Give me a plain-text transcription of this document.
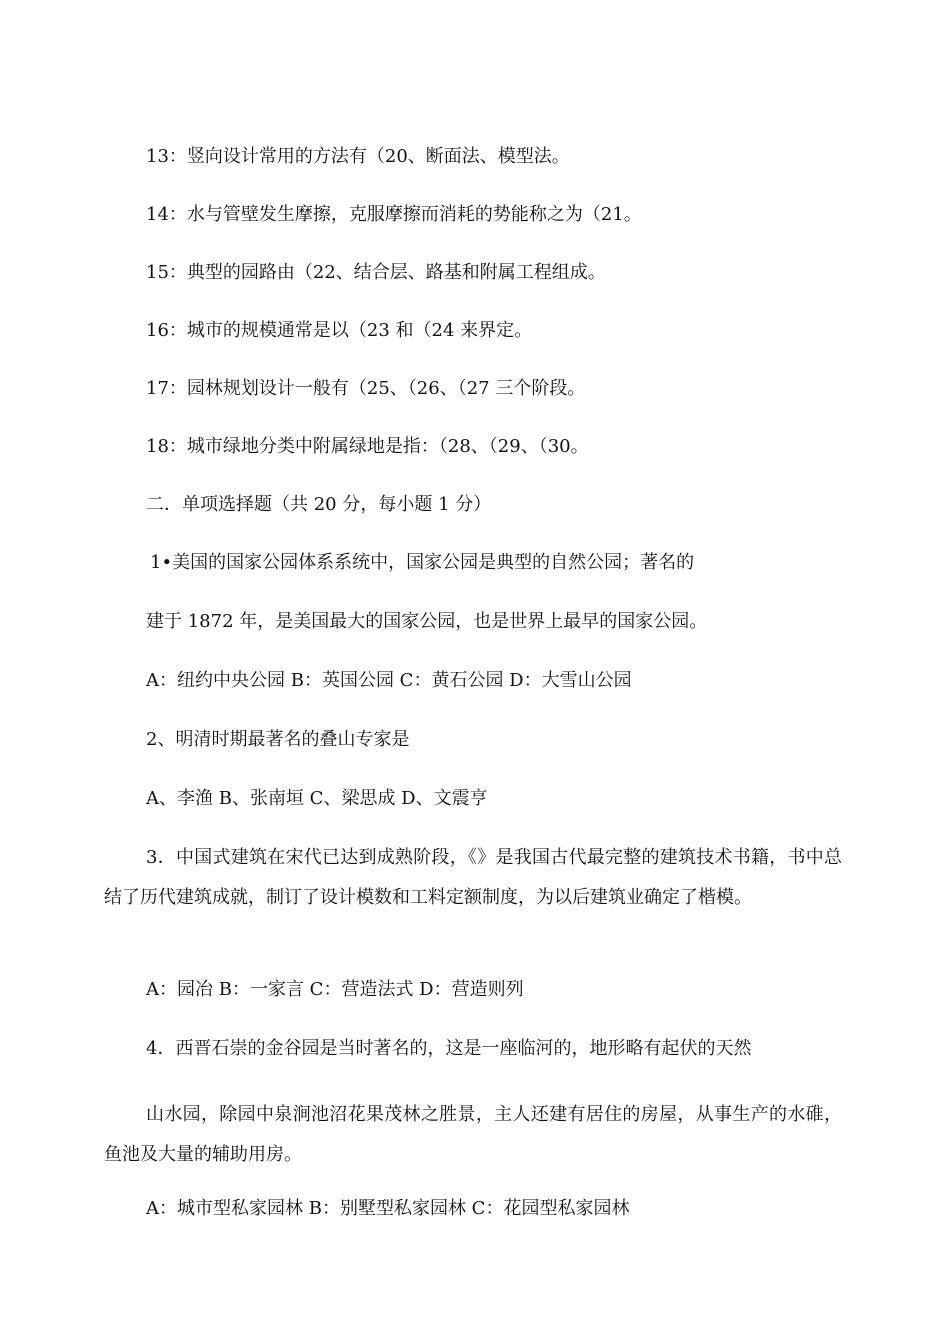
13：竖向设计常用的方法有（20、断面法、模型法。
14：水与管壁发生摩擦，克服摩擦而消耗的势能称之为（21。
15：典型的园路由（22、结合层、路基和附属工程组成。
16：城市的规模通常是以（23 和（24 来界定。
17：园林规划设计一般有（25、（26、（27 三个阶段。
18：城市绿地分类中附属绿地是指：（28、（29、（30。
二．单项选择题（共 20 分，每小题 1 分）
1•美国的国家公园体系系统中，国家公园是典型的自然公园；著名的
建于 1872 年，是美国最大的国家公园，也是世界上最早的国家公园。
A：纽约中央公园 B：英国公园 C：黄石公园 D：大雪山公园
2、明清时期最著名的叠山专家是
A、李渔 B、张南垣 C、梁思成 D、文震亨
3．中国式建筑在宋代已达到成熟阶段，《》是我国古代最完整的建筑技术书籍，书中总结了历代建筑成就，制订了设计模数和工料定额制度，为以后建筑业确定了楷模。
A：园冶 B：一家言 C：营造法式 D：营造则列
4．西晋石崇的金谷园是当时著名的，这是一座临河的，地形略有起伏的天然
山水园，除园中泉涧池沼花果茂林之胜景，主人还建有居住的房屋，从事生产的水碓，鱼池及大量的辅助用房。
A：城市型私家园林 B：别墅型私家园林 C：花园型私家园林
